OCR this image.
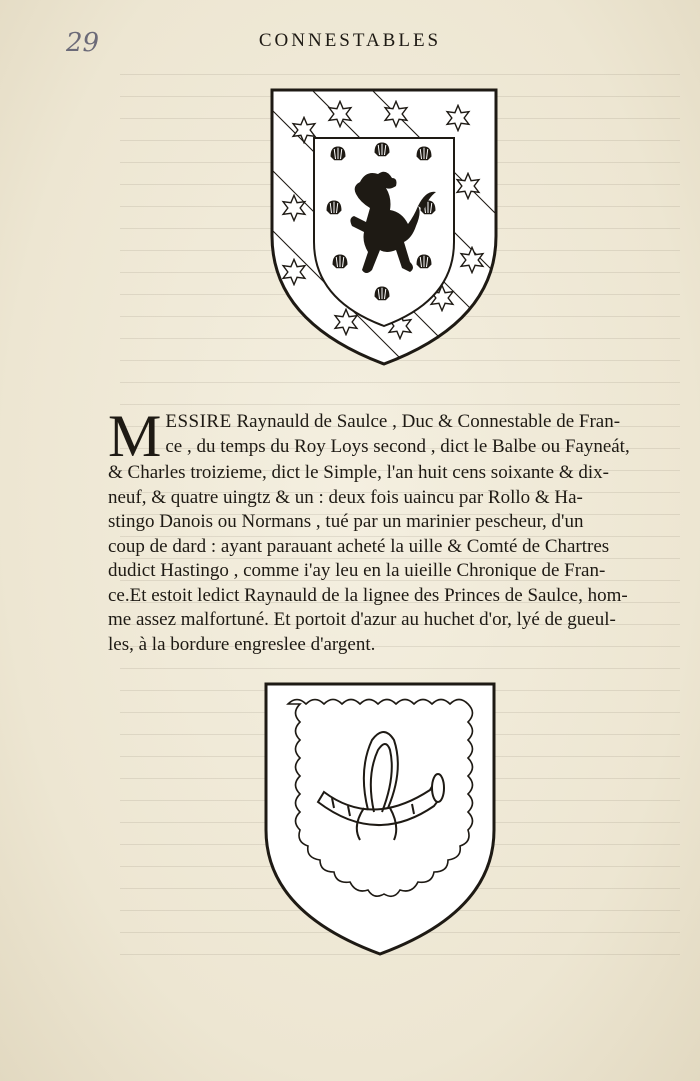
29	CONNESTABLES
M ESSIRE Raynauld de Saulce , Duc & Connestable de Fran-
ce , du temps du Roy Loys second , dict le Balbe ou Fayneát,
& Charles troizieme, dict le Simple, l'an huit cens soixante & dix-
neuf, & quatre uingtz & un : deux fois uaincu par Rollo & Ha-
stingo Danois ou Normans , tué par un marinier pescheur, d'un
coup de dard : ayant parauant acheté la uille & Comté de Chartres
dudict Hastingo , comme i'ay leu en la uieille Chronique de Fran-
ce.Et estoit ledict Raynauld de la lignee des Princes de Saulce, hom-
me assez malfortuné. Et portoit d'azur au huchet d'or, lyé de gueul-
les, à la bordure engreslee d'argent.
